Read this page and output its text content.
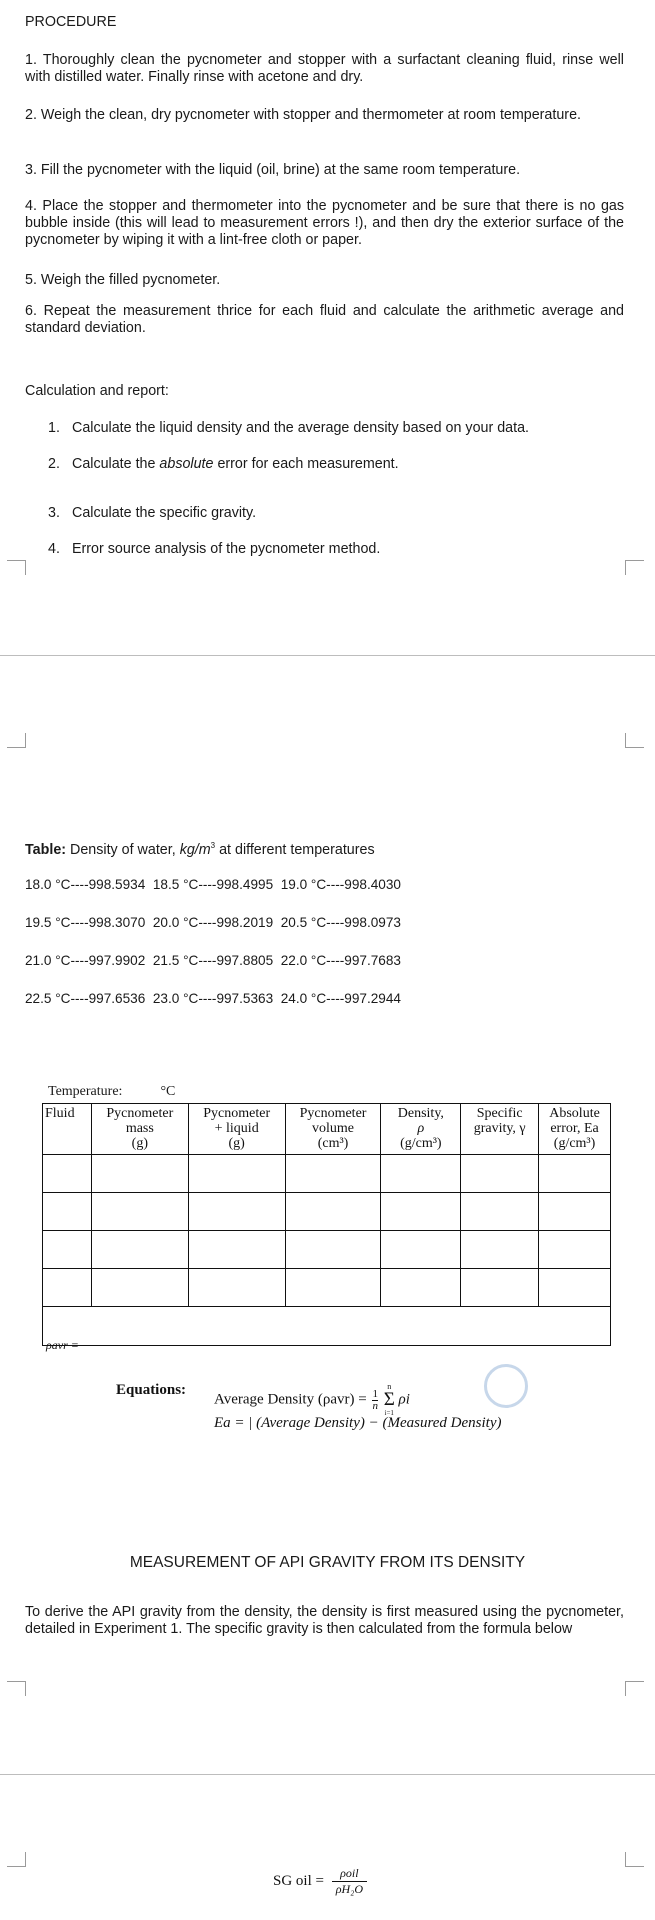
PROCEDURE

1. Thoroughly clean the pycnometer and stopper with a surfactant cleaning fluid, rinse well with distilled water. Finally rinse with acetone and dry.

2. Weigh the clean, dry pycnometer with stopper and thermometer at room temperature.

3. Fill the pycnometer with the liquid (oil, brine) at the same room temperature.

4. Place the stopper and thermometer into the pycnometer and be sure that there is no gas bubble inside (this will lead to measurement errors !), and then dry the exterior surface of the pycnometer by wiping it with a lint-free cloth or paper.

5. Weigh the filled pycnometer.

6. Repeat the measurement thrice for each fluid and calculate the arithmetic average and standard deviation.

Calculation and report:

1. Calculate the liquid density and the average density based on your data.
2. Calculate the absolute error for each measurement.
3. Calculate the specific gravity.
4. Error source analysis of the pycnometer method.

Table: Density of water, $kg/m^3$ at different temperatures

18.0 °C----998.5934  18.5 °C----998.4995  19.0 °C----998.4030

19.5 °C----998.3070  20.0 °C----998.2019  20.5 °C----998.0973

21.0 °C----997.9902  21.5 °C----997.8805  22.0 °C----997.7683

22.5 °C----997.6536  23.0 °C----997.5363  24.0 °C----997.2944

Temperature:	°C
Fluid	Pycnometer
mass
(g)	Pycnometer
+ liquid
(g)	Pycnometer
volume
(cm³)	Density,
ρ
(g/cm³)	Specific
gravity, γ	Absolute
error, Ea
(g/cm³)

ρavr =
Equations:
Average Density $(\rho avr) = \frac{1}{n}$

n
Σ
i=1
ρi
Ea = | (Average Density) − (Measured Density)

MEASUREMENT OF API GRAVITY FROM ITS DENSITY

To derive the API gravity from the density, the density is first measured using the pycnometer, detailed in Experiment 1. The specific gravity is then calculated from the formula below

SG oil =	ρoil
ρH₂O
